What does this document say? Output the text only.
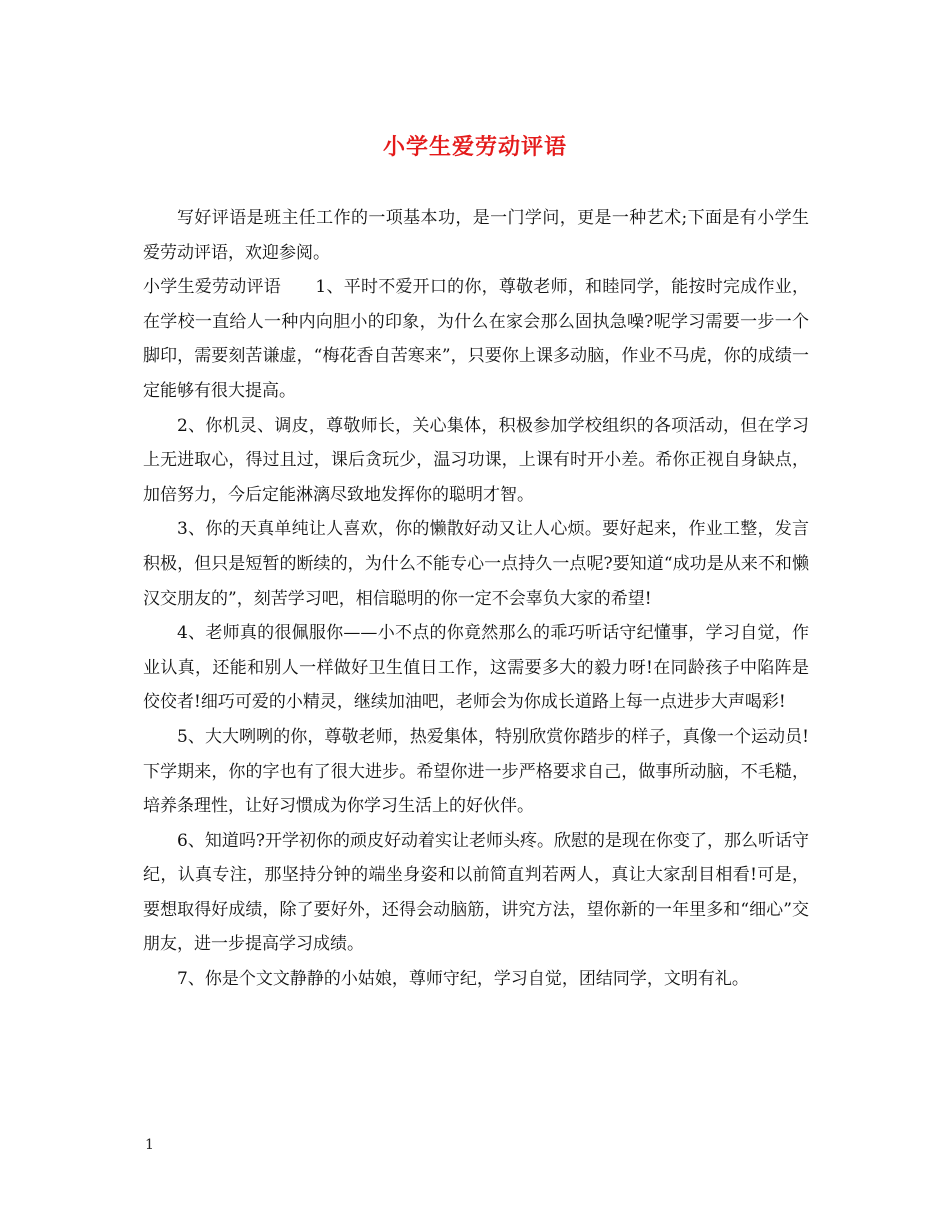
小学生爱劳动评语

写好评语是班主任工作的一项基本功，是一门学问，更是一种艺术;下面是有小学生爱劳动评语，欢迎参阅。

小学生爱劳动评语　　1、平时不爱开口的你，尊敬老师，和睦同学，能按时完成作业，在学校一直给人一种内向胆小的印象，为什么在家会那么固执急噪?呢学习需要一步一个脚印，需要刻苦谦虚，“梅花香自苦寒来”，只要你上课多动脑，作业不马虎，你的成绩一定能够有很大提高。

2、你机灵、调皮，尊敬师长，关心集体，积极参加学校组织的各项活动，但在学习上无进取心，得过且过，课后贪玩少，温习功课，上课有时开小差。希你正视自身缺点，加倍努力，今后定能淋漓尽致地发挥你的聪明才智。

3、你的天真单纯让人喜欢，你的懒散好动又让人心烦。要好起来，作业工整，发言积极，但只是短暂的断续的，为什么不能专心一点持久一点呢?要知道“成功是从来不和懒汉交朋友的”，刻苦学习吧，相信聪明的你一定不会辜负大家的希望!

4、老师真的很佩服你——小不点的你竟然那么的乖巧听话守纪懂事，学习自觉，作业认真，还能和别人一样做好卫生值日工作，这需要多大的毅力呀!在同龄孩子中陷阵是佼佼者!细巧可爱的小精灵，继续加油吧，老师会为你成长道路上每一点进步大声喝彩!

5、大大咧咧的你，尊敬老师，热爱集体，特别欣赏你踏步的样子，真像一个运动员!下学期来，你的字也有了很大进步。希望你进一步严格要求自己，做事所动脑，不毛糙，培养条理性，让好习惯成为你学习生活上的好伙伴。

6、知道吗?开学初你的顽皮好动着实让老师头疼。欣慰的是现在你变了，那么听话守纪，认真专注，那坚持分钟的端坐身姿和以前简直判若两人，真让大家刮目相看!可是，要想取得好成绩，除了要好外，还得会动脑筋，讲究方法，望你新的一年里多和“细心”交朋友，进一步提高学习成绩。

7、你是个文文静静的小姑娘，尊师守纪，学习自觉，团结同学，文明有礼。

1
